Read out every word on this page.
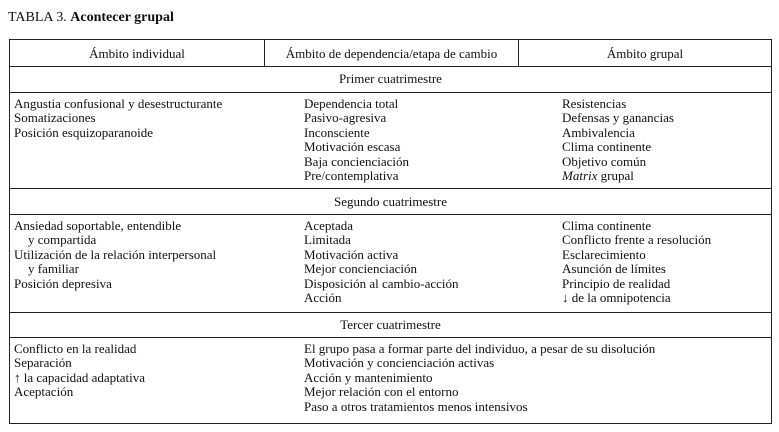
TABLA 3. Acontecer grupal
Ámbito individual	Ámbito de dependencia/etapa de cambio	Ámbito grupal
Primer cuatrimestre
Angustia confusional y desestructurante
Somatizaciones
Posición esquizoparanoide
Dependencia total
Pasivo-agresiva
Inconsciente
Motivación escasa
Baja concienciación
Pre/contemplativa
Resistencias
Defensas y ganancias
Ambivalencia
Clima continente
Objetivo común
Matrix grupal
Segundo cuatrimestre
Ansiedad soportable, entendible
y compartida
Utilización de la relación interpersonal
y familiar
Posición depresiva
Aceptada
Limitada
Motivación activa
Mejor concienciación
Disposición al cambio-acción
Acción
Clima continente
Conflicto frente a resolución
Esclarecimiento
Asunción de límites
Principio de realidad
↓ de la omnipotencia
Tercer cuatrimestre
Conflicto en la realidad
Separación
↑ la capacidad adaptativa
Aceptación
El grupo pasa a formar parte del individuo, a pesar de su disolución
Motivación y concienciación activas
Acción y mantenimiento
Mejor relación con el entorno
Paso a otros tratamientos menos intensivos
